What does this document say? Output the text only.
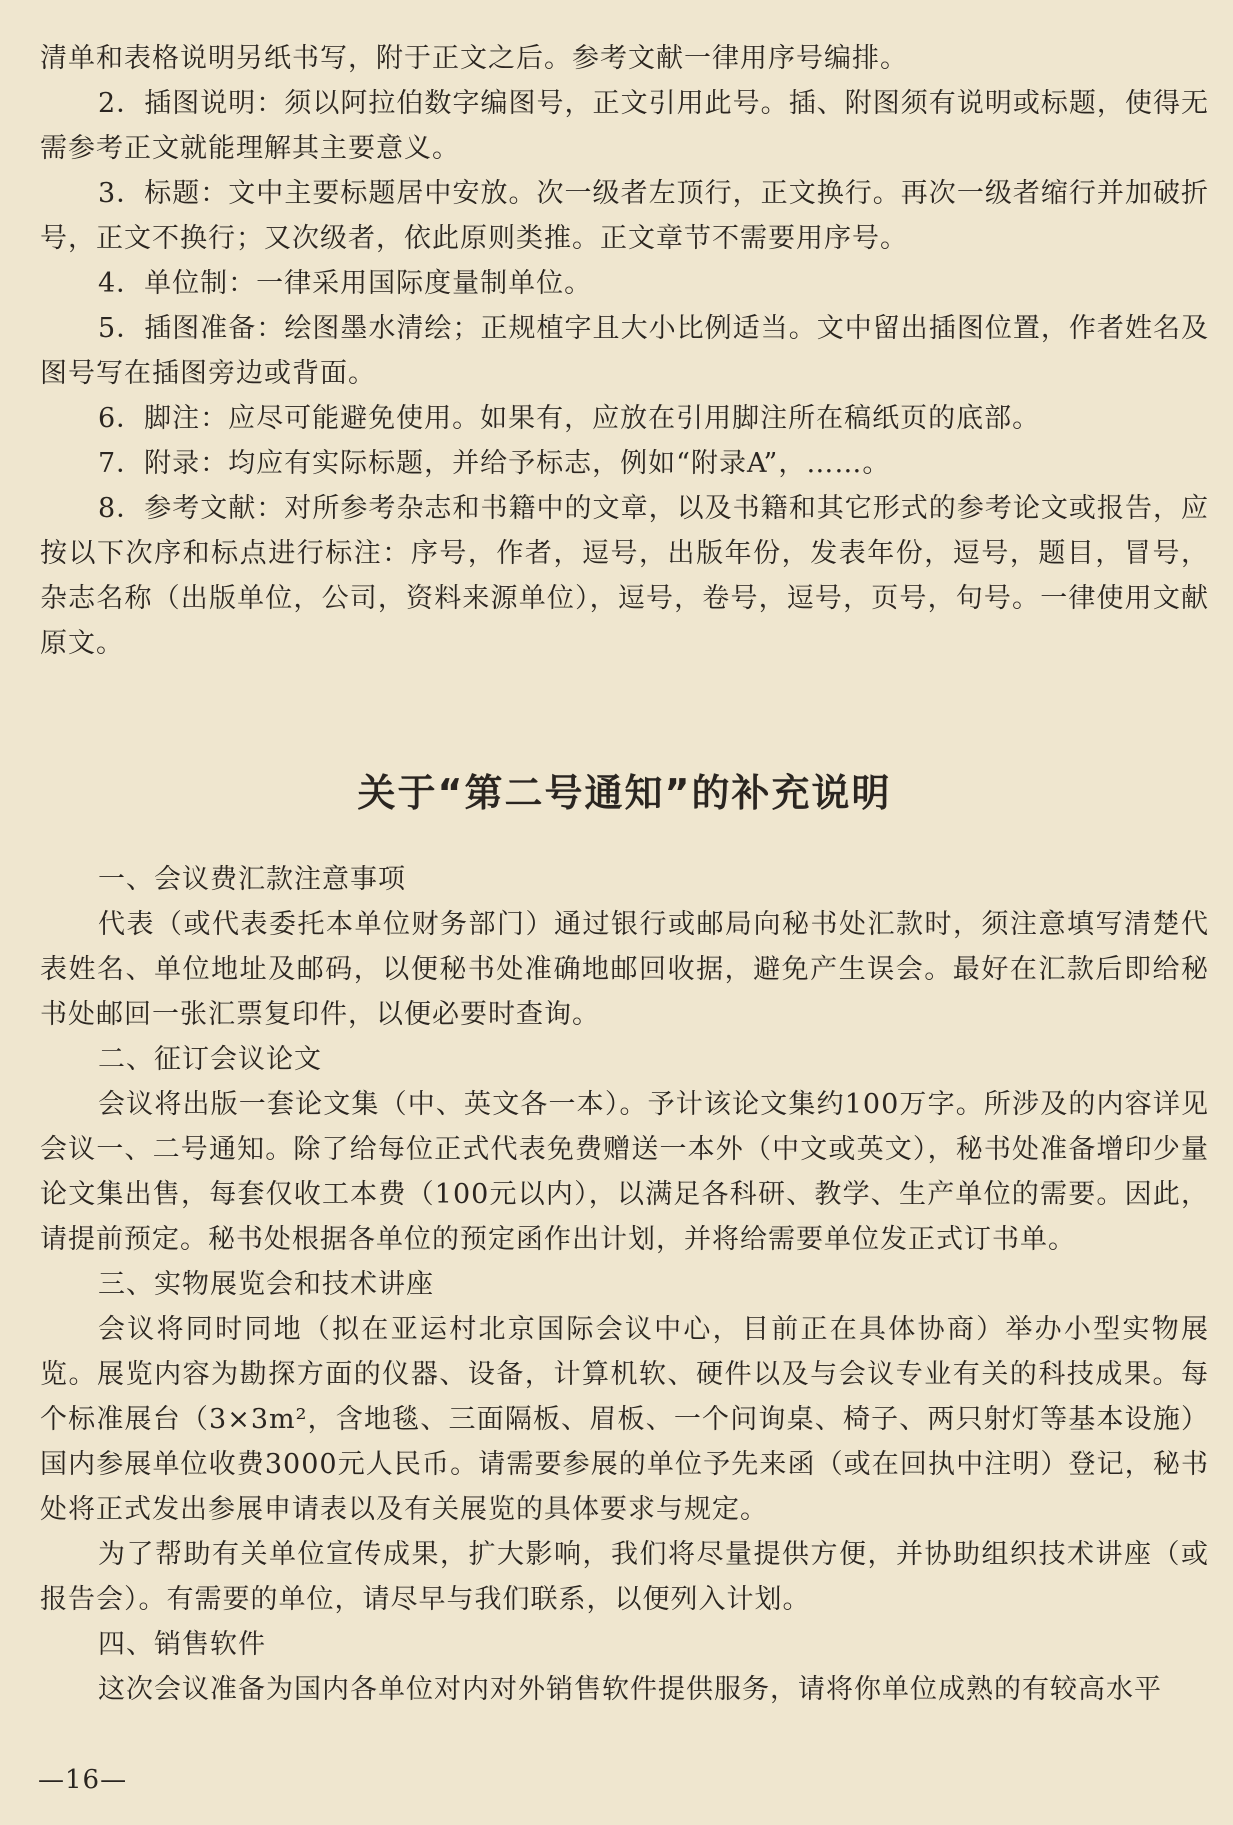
清单和表格说明另纸书写，附于正文之后。参考文献一律用序号编排。

2．插图说明：须以阿拉伯数字编图号，正文引用此号。插、附图须有说明或标题，使得无需参考正文就能理解其主要意义。

3．标题：文中主要标题居中安放。次一级者左顶行，正文换行。再次一级者缩行并加破折号，正文不换行；又次级者，依此原则类推。正文章节不需要用序号。

4．单位制：一律采用国际度量制单位。

5．插图准备：绘图墨水清绘；正规植字且大小比例适当。文中留出插图位置，作者姓名及图号写在插图旁边或背面。

6．脚注：应尽可能避免使用。如果有，应放在引用脚注所在稿纸页的底部。

7．附录：均应有实际标题，并给予标志，例如“附录A”，……。

8．参考文献：对所参考杂志和书籍中的文章，以及书籍和其它形式的参考论文或报告，应按以下次序和标点进行标注：序号，作者，逗号，出版年份，发表年份，逗号，题目，冒号，杂志名称（出版单位，公司，资料来源单位），逗号，卷号，逗号，页号，句号。一律使用文献原文。

关于“第二号通知”的补充说明

一、会议费汇款注意事项

代表（或代表委托本单位财务部门）通过银行或邮局向秘书处汇款时，须注意填写清楚代表姓名、单位地址及邮码，以便秘书处准确地邮回收据，避免产生误会。最好在汇款后即给秘书处邮回一张汇票复印件，以便必要时查询。

二、征订会议论文

会议将出版一套论文集（中、英文各一本）。予计该论文集约100万字。所涉及的内容详见会议一、二号通知。除了给每位正式代表免费赠送一本外（中文或英文），秘书处准备增印少量论文集出售，每套仅收工本费（100元以内），以满足各科研、教学、生产单位的需要。因此，请提前预定。秘书处根据各单位的预定函作出计划，并将给需要单位发正式订书单。

三、实物展览会和技术讲座

会议将同时同地（拟在亚运村北京国际会议中心，目前正在具体协商）举办小型实物展览。展览内容为勘探方面的仪器、设备，计算机软、硬件以及与会议专业有关的科技成果。每个标准展台（3×3m²，含地毯、三面隔板、眉板、一个问询桌、椅子、两只射灯等基本设施）国内参展单位收费3000元人民币。请需要参展的单位予先来函（或在回执中注明）登记，秘书处将正式发出参展申请表以及有关展览的具体要求与规定。

为了帮助有关单位宣传成果，扩大影响，我们将尽量提供方便，并协助组织技术讲座（或报告会）。有需要的单位，请尽早与我们联系，以便列入计划。

四、销售软件

这次会议准备为国内各单位对内对外销售软件提供服务，请将你单位成熟的有较高水平

—16—
